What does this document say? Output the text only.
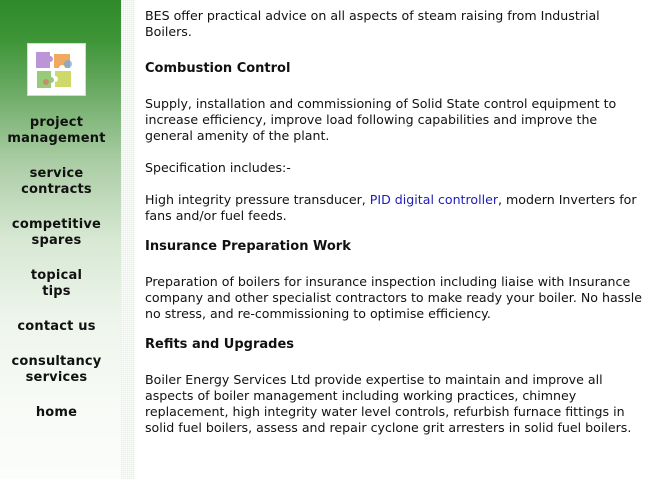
project
management
service
contracts
competitive
spares
topical
tips
contact us
consultancy
services
home

BES offer practical advice on all aspects of steam raising from Industrial Boilers.

Combustion Control

Supply, installation and commissioning of Solid State control equipment to increase efficiency, improve load following capabilities and improve the general amenity of the plant.

Specification includes:-

High integrity pressure transducer, PID digital controller, modern Inverters for fans and/or fuel feeds.

Insurance Preparation Work

Preparation of boilers for insurance inspection including liaise with Insurance company and other specialist contractors to make ready your boiler. No hassle no stress, and re-commissioning to optimise efficiency.

Refits and Upgrades

Boiler Energy Services Ltd provide expertise to maintain and improve all aspects of boiler management including working practices, chimney replacement, high integrity water level controls, refurbish furnace fittings in solid fuel boilers, assess and repair cyclone grit arresters in solid fuel boilers.
